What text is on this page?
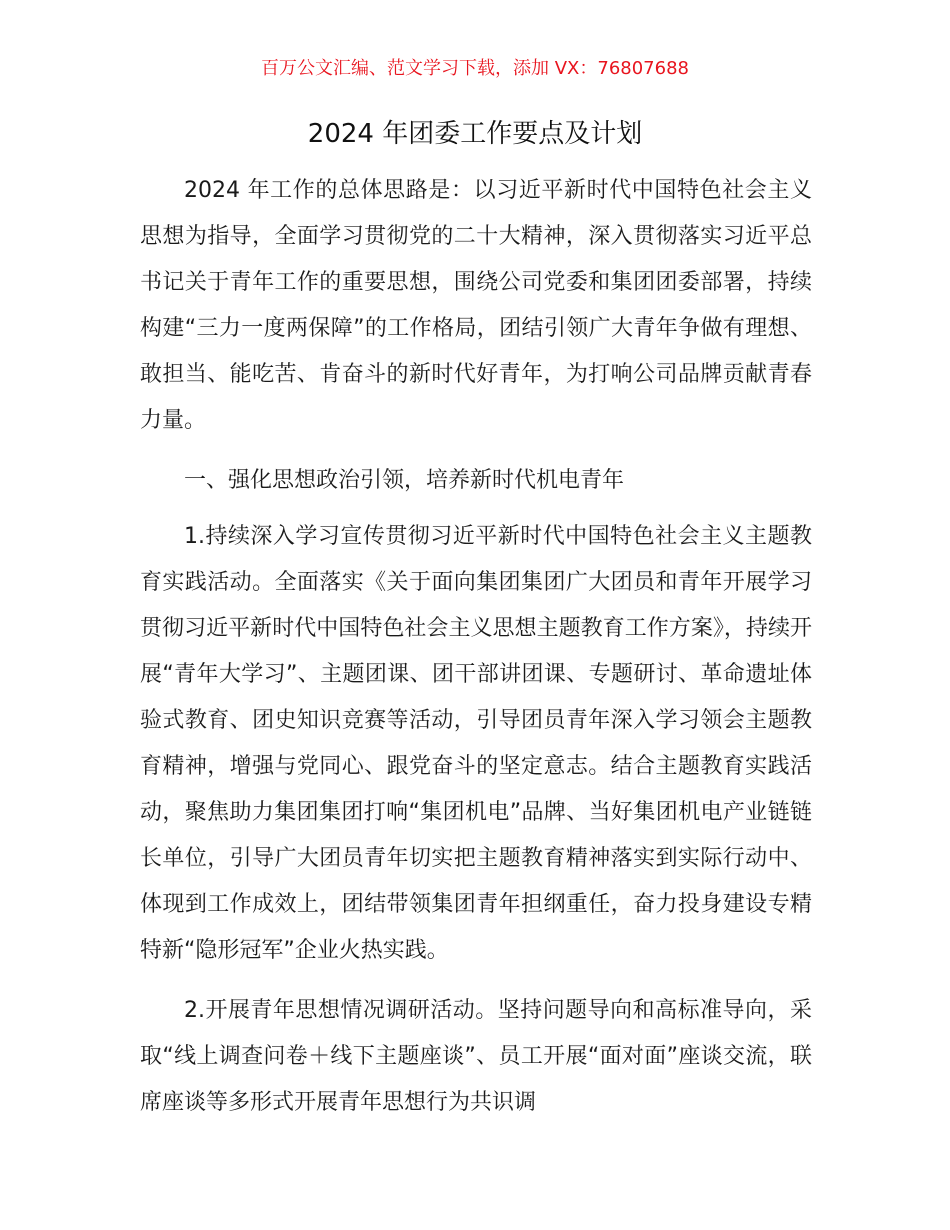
百万公文汇编、范文学习下载，添加 VX：76807688
2024 年团委工作要点及计划

2024 年工作的总体思路是：以习近平新时代中国特色社会主义思想为指导，全面学习贯彻党的二十大精神，深入贯彻落实习近平总书记关于青年工作的重要思想，围绕公司党委和集团团委部署，持续构建“三力一度两保障”的工作格局，团结引领广大青年争做有理想、敢担当、能吃苦、肯奋斗的新时代好青年，为打响公司品牌贡献青春力量。

一、强化思想政治引领，培养新时代机电青年

1.持续深入学习宣传贯彻习近平新时代中国特色社会主义主题教育实践活动。全面落实《关于面向集团集团广大团员和青年开展学习贯彻习近平新时代中国特色社会主义思想主题教育工作方案》，持续开展“青年大学习”、主题团课、团干部讲团课、专题研讨、革命遗址体验式教育、团史知识竞赛等活动，引导团员青年深入学习领会主题教育精神，增强与党同心、跟党奋斗的坚定意志。结合主题教育实践活动，聚焦助力集团集团打响“集团机电”品牌、当好集团机电产业链链长单位，引导广大团员青年切实把主题教育精神落实到实际行动中、体现到工作成效上，团结带领集团青年担纲重任，奋力投身建设专精特新“隐形冠军”企业火热实践。

2.开展青年思想情况调研活动。坚持问题导向和高标准导向，采取“线上调查问卷＋线下主题座谈”、员工开展“面对面”座谈交流，联席座谈等多形式开展青年思想行为共识调
